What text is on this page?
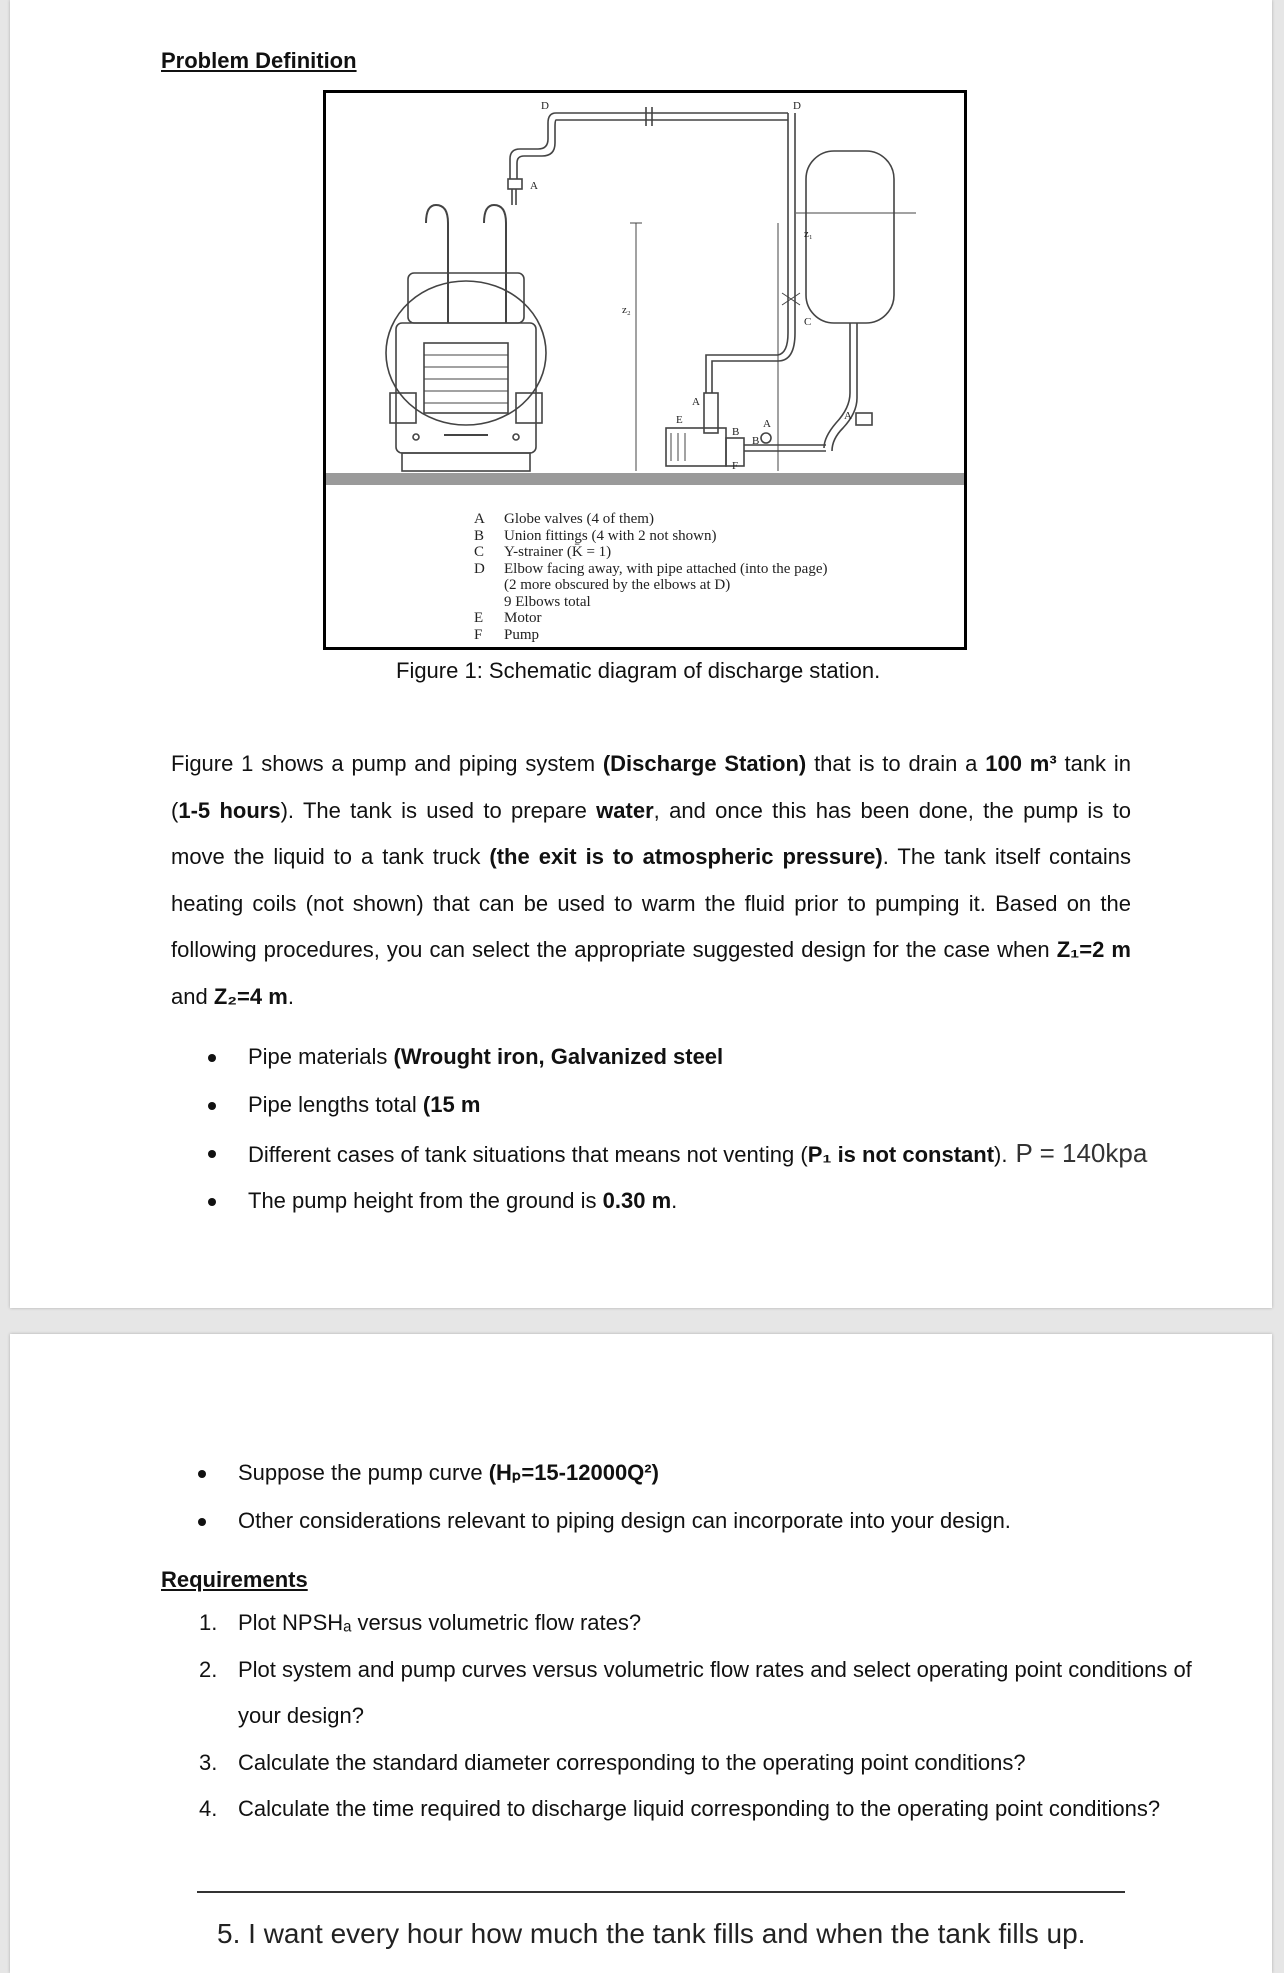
Problem Definition
D	D
A
z₁
z₂
C
A
E
B
A
B
F
A
A	Globe valves (4 of them)
B	Union fittings (4 with 2 not shown)
C	Y-strainer (K̄ = 1)
D	Elbow facing away, with pipe attached (into the page)
(2 more obscured by the elbows at D)
9 Elbows total
E	Motor
F	Pump
Figure 1: Schematic diagram of discharge station.
Figure 1 shows a pump and piping system (Discharge Station) that is to drain a 100 m³ tank in (1-5 hours). The tank is used to prepare water, and once this has been done, the pump is to move the liquid to a tank truck (the exit is to atmospheric pressure). The tank itself contains heating coils (not shown) that can be used to warm the fluid prior to pumping it. Based on the following procedures, you can select the appropriate suggested design for the case when Z₁=2 m and Z₂=4 m.
Pipe materials (Wrought iron, Galvanized steel
Pipe lengths total (15 m
Different cases of tank situations that means not venting (P₁ is not constant). P = 140kpa
The pump height from the ground is 0.30 m.
Suppose the pump curve (Hₚ=15-12000Q²)
Other considerations relevant to piping design can incorporate into your design.
Requirements
1. Plot NPSHₐ versus volumetric flow rates?
2. Plot system and pump curves versus volumetric flow rates and select operating point conditions of your design?
3. Calculate the standard diameter corresponding to the operating point conditions?
4. Calculate the time required to discharge liquid corresponding to the operating point conditions?
5. I want every hour how much the tank fills and when the tank fills up.
